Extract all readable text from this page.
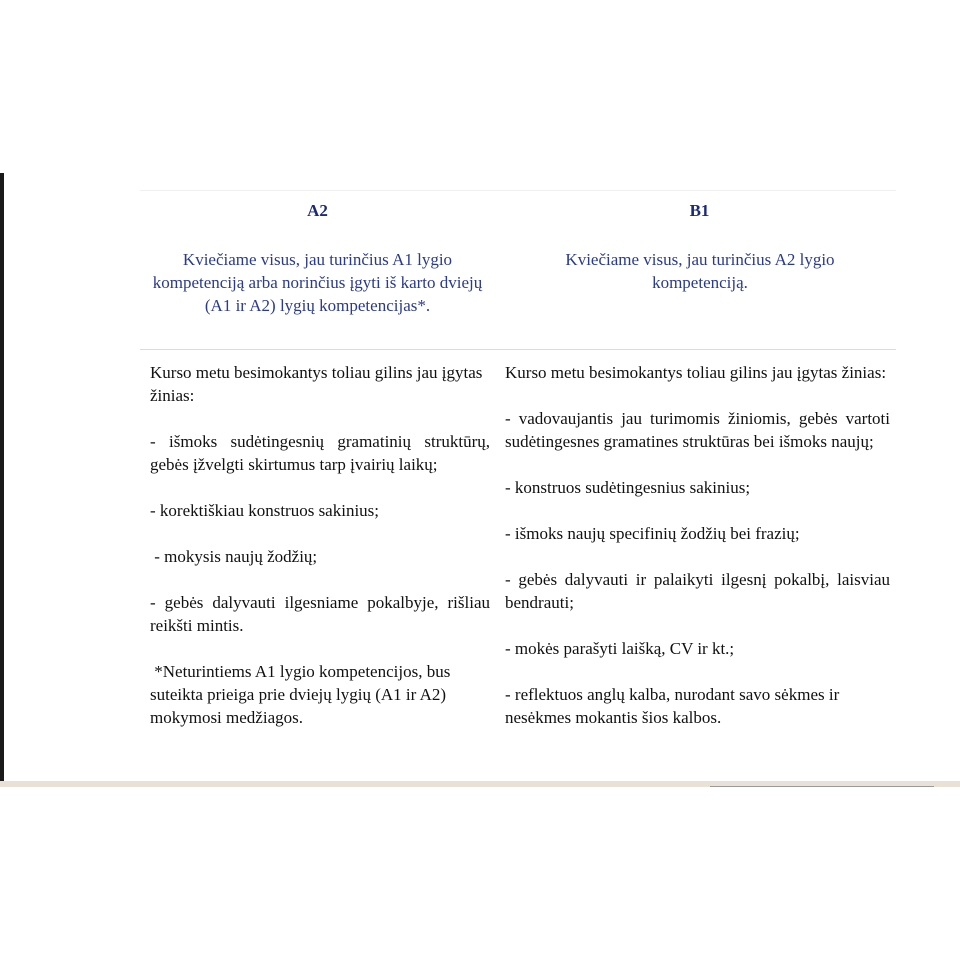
A2	B1
Kviečiame visus, jau turinčius A1 lygio kompetenciją arba norinčius įgyti iš karto dviejų (A1 ir A2) lygių kompetencijas*.
Kviečiame visus, jau turinčius A2 lygio kompetenciją.

Kurso metu besimokantys toliau gilins jau įgytas žinias:

- išmoks sudėtingesnių gramatinių struktūrų, gebės įžvelgti skirtumus tarp įvairių laikų;

- korektiškiau konstruos sakinius;

- mokysis naujų žodžių;

- gebės dalyvauti ilgesniame pokalbyje, rišliau reikšti mintis.

*Neturintiems A1 lygio kompetencijos, bus suteikta prieiga prie dviejų lygių (A1 ir A2) mokymosi medžiagos.

Kurso metu besimokantys toliau gilins jau įgytas žinias:

- vadovaujantis jau turimomis žiniomis, gebės vartoti sudėtingesnes gramatines struktūras bei išmoks naujų;

- konstruos sudėtingesnius sakinius;

- išmoks naujų specifinių žodžių bei frazių;

- gebės dalyvauti ir palaikyti ilgesnį pokalbį, laisviau bendrauti;

- mokės parašyti laišką, CV ir kt.;

- reflektuos anglų kalba, nurodant savo sėkmes ir nesėkmes mokantis šios kalbos.
